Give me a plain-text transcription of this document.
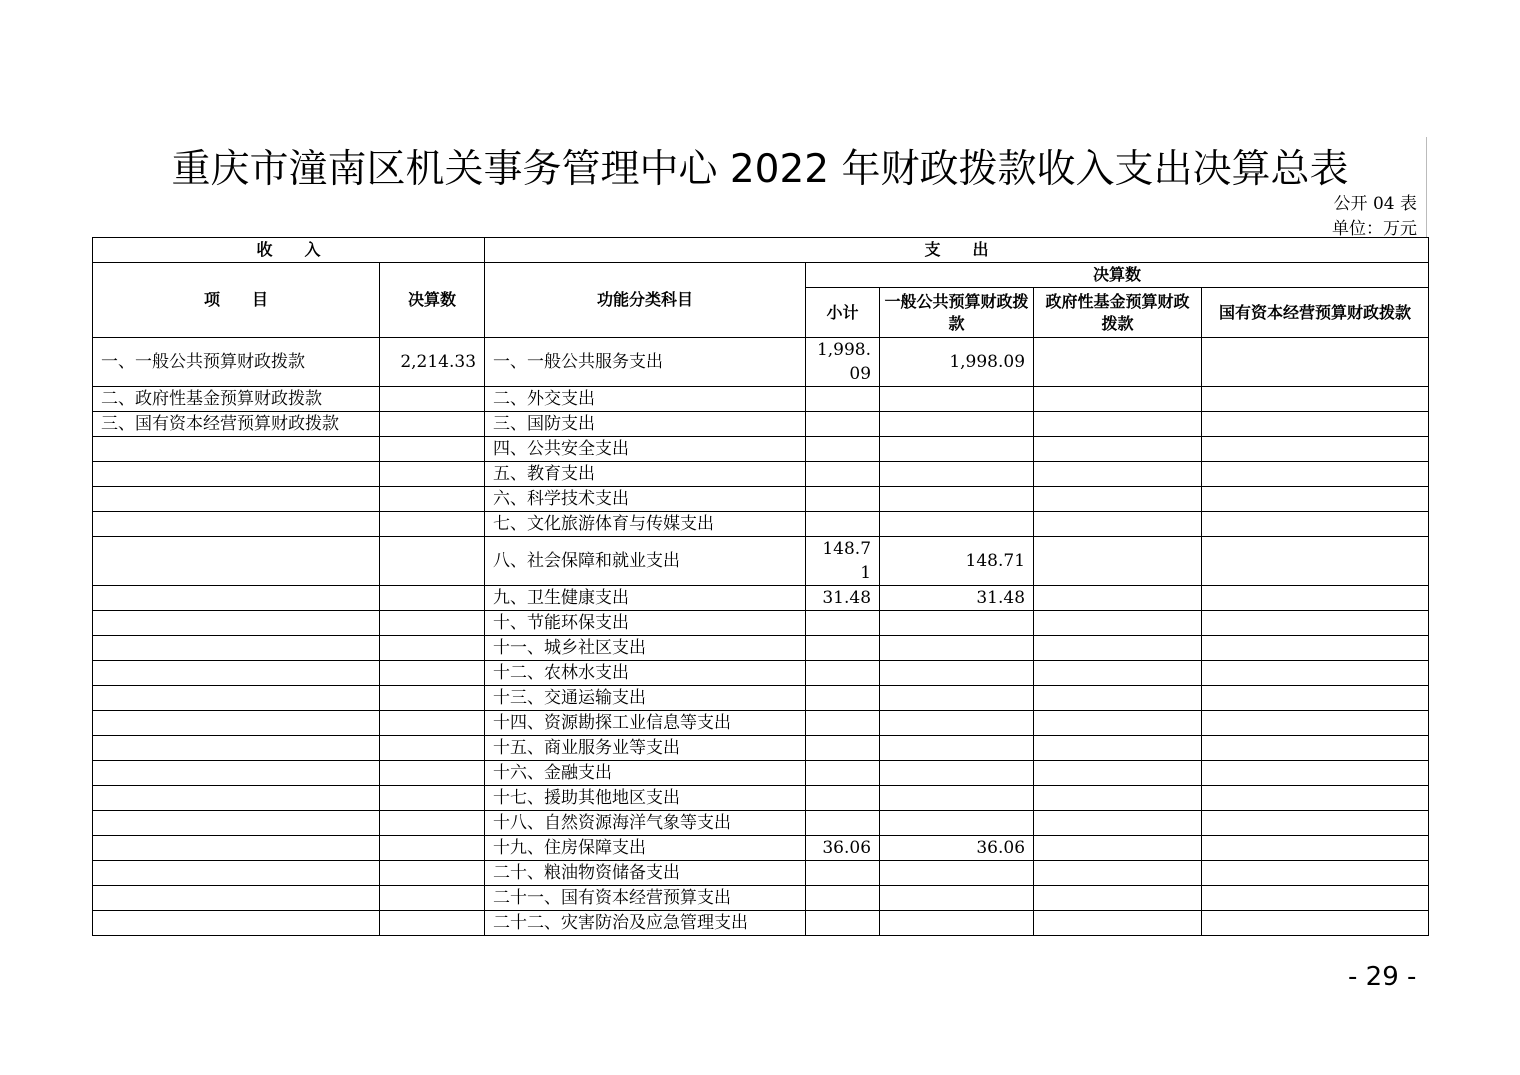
重庆市潼南区机关事务管理中心 2022 年财政拨款收入支出决算总表
公开 04 表
单位：万元
收　　入		支　　出				
项　　目	决算数	功能分类科目	决算数			
			小计	一般公共预算财政拨款	政府性基金预算财政拨款	国有资本经营预算财政拨款
一、一般公共预算财政拨款	2,214.33	一、一般公共服务支出	1,998.09	1,998.09		
二、政府性基金预算财政拨款		二、外交支出				
三、国有资本经营预算财政拨款		三、国防支出				
		四、公共安全支出				
		五、教育支出				
		六、科学技术支出				
		七、文化旅游体育与传媒支出				
		八、社会保障和就业支出	148.71	148.71		
		九、卫生健康支出	31.48	31.48		
		十、节能环保支出				
		十一、城乡社区支出				
		十二、农林水支出				
		十三、交通运输支出				
		十四、资源勘探工业信息等支出				
		十五、商业服务业等支出				
		十六、金融支出				
		十七、援助其他地区支出				
		十八、自然资源海洋气象等支出				
		十九、住房保障支出	36.06	36.06		
		二十、粮油物资储备支出				
		二十一、国有资本经营预算支出				
		二十二、灾害防治及应急管理支出				
- 29 -
